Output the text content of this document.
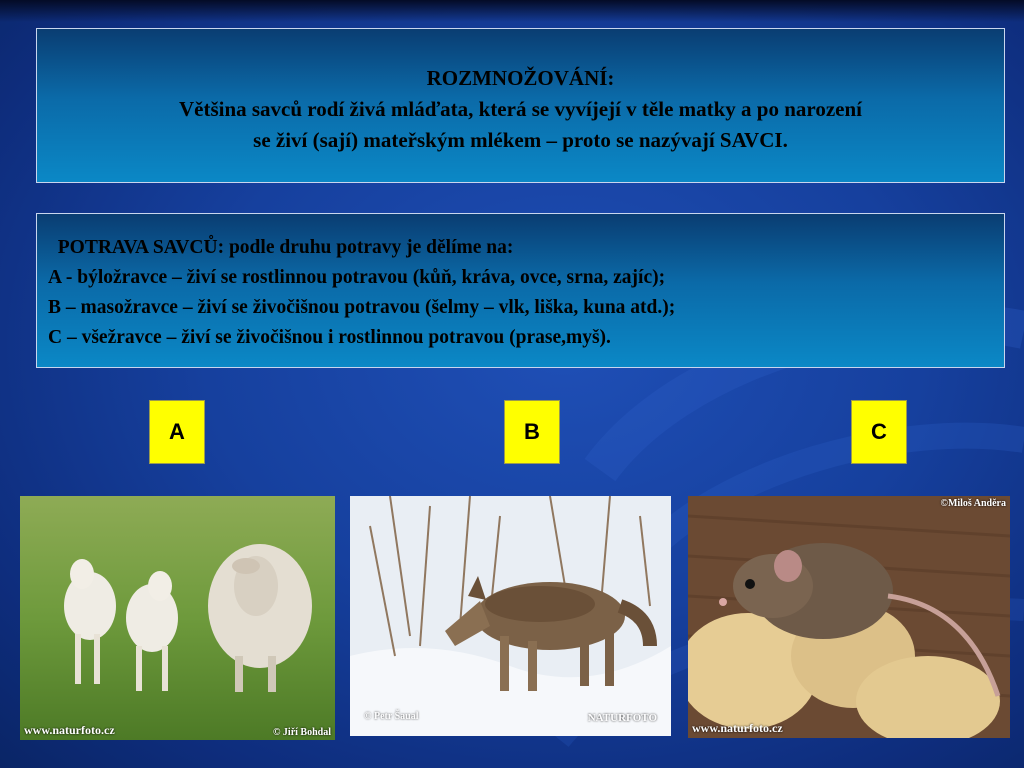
ROZMNOŽOVÁNÍ:
Většina savců rodí živá mláďata, která se vyvíjejí v těle matky a po narození
se živí (sají) mateřským mlékem – proto se nazývají SAVCI.
POTRAVA SAVCŮ: podle druhu potravy je dělíme na:
A - býložravce – živí se rostlinnou potravou (kůň, kráva, ovce, srna, zajíc);
B – masožravce – živí se živočišnou potravou (šelmy – vlk, liška, kuna atd.);
C – všežravce – živí se živočišnou i rostlinnou potravou (prase,myš).
A	B	C
www.naturfoto.cz	© Jiří Bohdal
© Petr Šaual	NATURFOTO
©Miloš Anděra
www.naturfoto.cz
